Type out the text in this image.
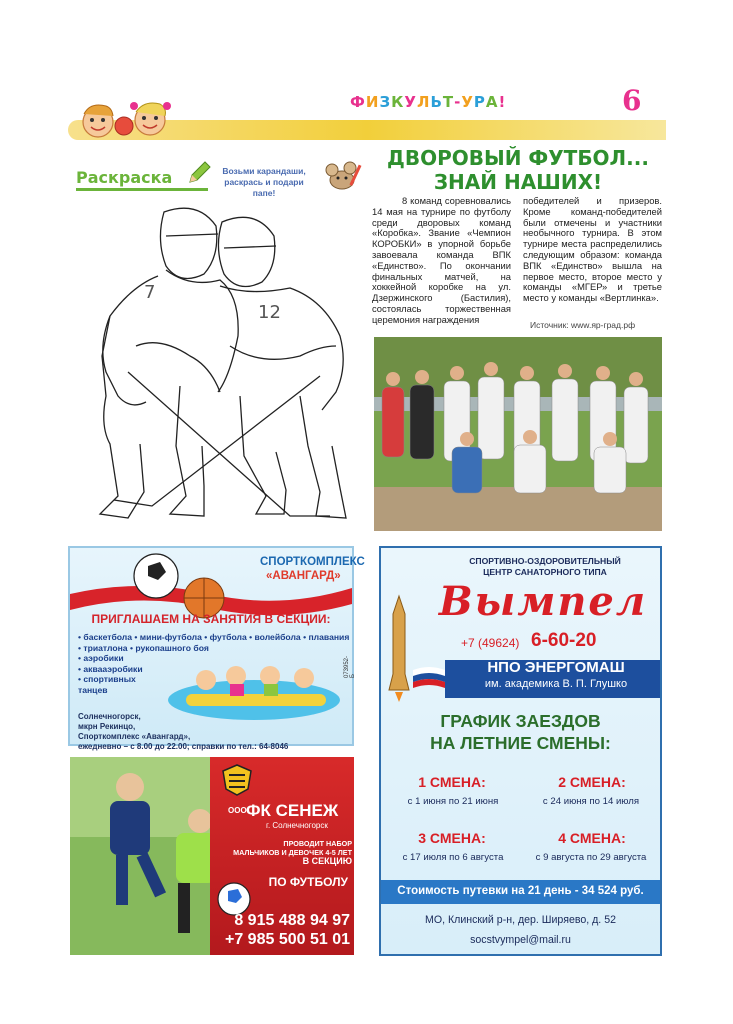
ФИЗКУЛЬТ-УРА!	6
Раскраска	Возьми карандаши, раскрась и подари папе!
7
12
ДВОРОВЫЙ ФУТБОЛ...
ЗНАЙ НАШИХ!
8 команд соревновались 14 мая на турнире по футболу среди дворовых команд «Коробка». Звание «Чемпион КОРОБКИ» в упорной борьбе завоевала команда ВПК «Единство». По окончании финальных матчей, на хоккейной коробке на ул. Дзержинского (Бастилия), состоялась торжественная церемония награждения
победителей и призеров. Кроме команд-победителей были отмечены и участники необычного турнира. В этом турнире места распределились следующим образом: команда ВПК «Единство» вышла на первое место, второе место у команды «МГЕР» и третье место у команды «Вертлинка».
Источник: www.яр-град.рф
СПОРТКОМПЛЕКС
«АВАНГАРД»
ПРИГЛАШАЕМ НА ЗАНЯТИЯ В СЕКЦИИ:
• баскетбола • мини-футбола • футбола • волейбола • плавания
• триатлона • рукопашного боя
• аэробики
• аквааэробики
• спортивных
танцев
Солнечногорск,
мкрн Рекинцо,
Спорткомплекс «Авангард»,
ежедневно – с 8.00 до 22.00; справки по тел.: 64-8046
073952-Б
ООО ФК СЕНЕЖ
г. Солнечногорск
ПРОВОДИТ НАБОР
МАЛЬЧИКОВ И ДЕВОЧЕК 4-5 ЛЕТ
В СЕКЦИЮ
ПО ФУТБОЛУ
8 915 488 94 97
+7 985 500 51 01
СПОРТИВНО-ОЗДОРОВИТЕЛЬНЫЙ
ЦЕНТР САНАТОРНОГО ТИПА
Вымпел
+7 (49624) 6-60-20
НПО ЭНЕРГОМАШ
им. академика В. П. Глушко
ГРАФИК ЗАЕЗДОВ
НА ЛЕТНИЕ СМЕНЫ:
1 СМЕНА:
с 1 июня по 21 июня
2 СМЕНА:
с 24 июня по 14 июля
3 СМЕНА:
с 17 июля по 6 августа
4 СМЕНА:
с 9 августа по 29 августа
Стоимость путевки на 21 день - 34 524 руб.
МО, Клинский р-н, дер. Ширяево, д. 52
socstvympel@mail.ru
